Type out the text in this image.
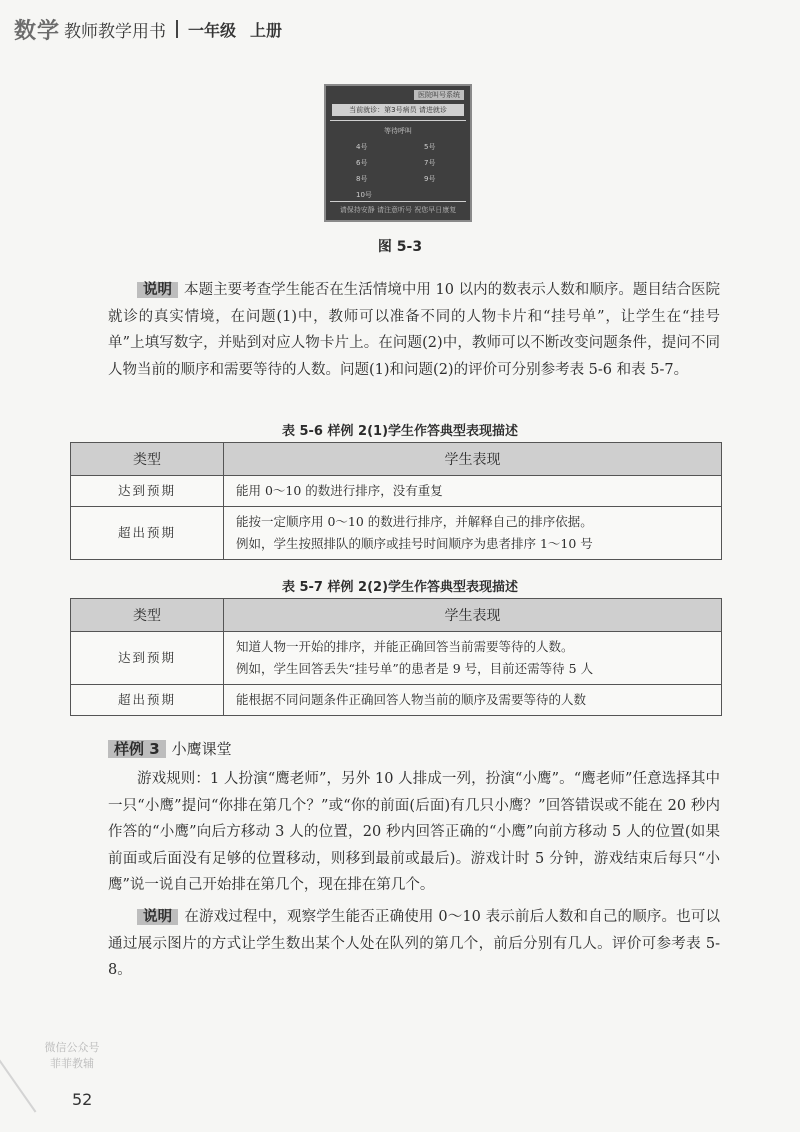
数学 教师教学用书 一年级 上册
医院叫号系统
当前就诊：第3号病员 请进就诊
等待呼叫
4号	5号
6号	7号
8号	9号
10号
请保持安静 请注意听号 祝您早日康复
图 5-3
说明 本题主要考查学生能否在生活情境中用 10 以内的数表示人数和顺序。题目结合医院就诊的真实情境，在问题(1)中，教师可以准备不同的人物卡片和“挂号单”，让学生在“挂号单”上填写数字，并贴到对应人物卡片上。在问题(2)中，教师可以不断改变问题条件，提问不同人物当前的顺序和需要等待的人数。问题(1)和问题(2)的评价可分别参考表 5-6 和表 5-7。
表 5-6 样例 2(1)学生作答典型表现描述
类型	学生表现
达到预期	能用 0～10 的数进行排序，没有重复

超出预期	能按一定顺序用 0～10 的数进行排序，并解释自己的排序依据。
例如，学生按照排队的顺序或挂号时间顺序为患者排序 1～10 号
表 5-7 样例 2(2)学生作答典型表现描述
类型	学生表现
达到预期	知道人物一开始的排序，并能正确回答当前需要等待的人数。
例如，学生回答丢失“挂号单”的患者是 9 号，目前还需等待 5 人

超出预期	能根据不同问题条件正确回答人物当前的顺序及需要等待的人数
样例 3 小鹰课堂
游戏规则：1 人扮演“鹰老师”，另外 10 人排成一列，扮演“小鹰”。“鹰老师”任意选择其中一只“小鹰”提问“你排在第几个？”或“你的前面(后面)有几只小鹰？”回答错误或不能在 20 秒内作答的“小鹰”向后方移动 3 人的位置，20 秒内回答正确的“小鹰”向前方移动 5 人的位置(如果前面或后面没有足够的位置移动，则移到最前或最后)。游戏计时 5 分钟，游戏结束后每只“小鹰”说一说自己开始排在第几个，现在排在第几个。
说明 在游戏过程中，观察学生能否正确使用 0～10 表示前后人数和自己的顺序。也可以通过展示图片的方式让学生数出某个人处在队列的第几个，前后分别有几人。评价可参考表 5-8。
微信公众号
菲菲教辅
52
